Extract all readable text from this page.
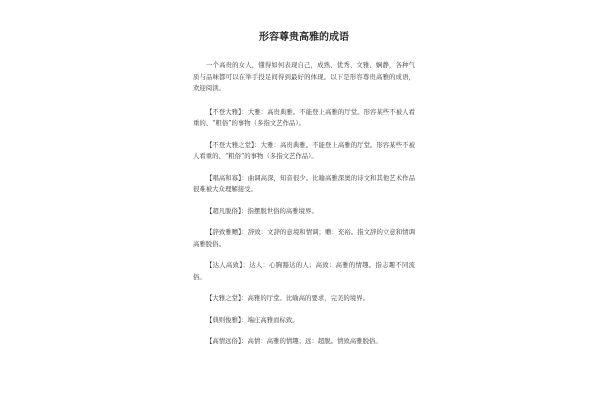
形容尊贵高雅的成语

一个高贵的女人，懂得如何表现自己，成熟、优秀、文雅、娴静，各种气质与品味都可以在举手投足间得到最好的体现。以下是形容尊贵高雅的成语，欢迎阅读。

【不登大雅】：大雅：高贵典雅。不能登上高雅的厅堂。形容某些不被人看重的、“粗俗”的事物（多指文艺作品）。

【不登大雅之堂】：大雅：高贵典雅。不能登上高雅的厅堂。形容某些不被人看重的、“粗俗”的事物（多指文艺作品）。

【唱高和寡】：曲调高深，知音很少。比喻高雅深奥的诗文和其他艺术作品很难被大众理解接受。

【超凡脱俗】：指摆脱世俗的高雅境界。

【辞致雅赡】：辞致：文辞的意境和情调；赡：充裕。指文辞的立意和情调高雅脱俗。

【达人高致】：达人：心胸豁达的人；高致：高雅的情趣。指志趣不同流俗。

【大雅之堂】：高雅的厅堂。比喻高的要求，完美的境界。

【典则俊雅】：端庄高雅而标致。

【高情远俗】：高情：高雅的情趣；远：超脱。情致高雅脱俗。
